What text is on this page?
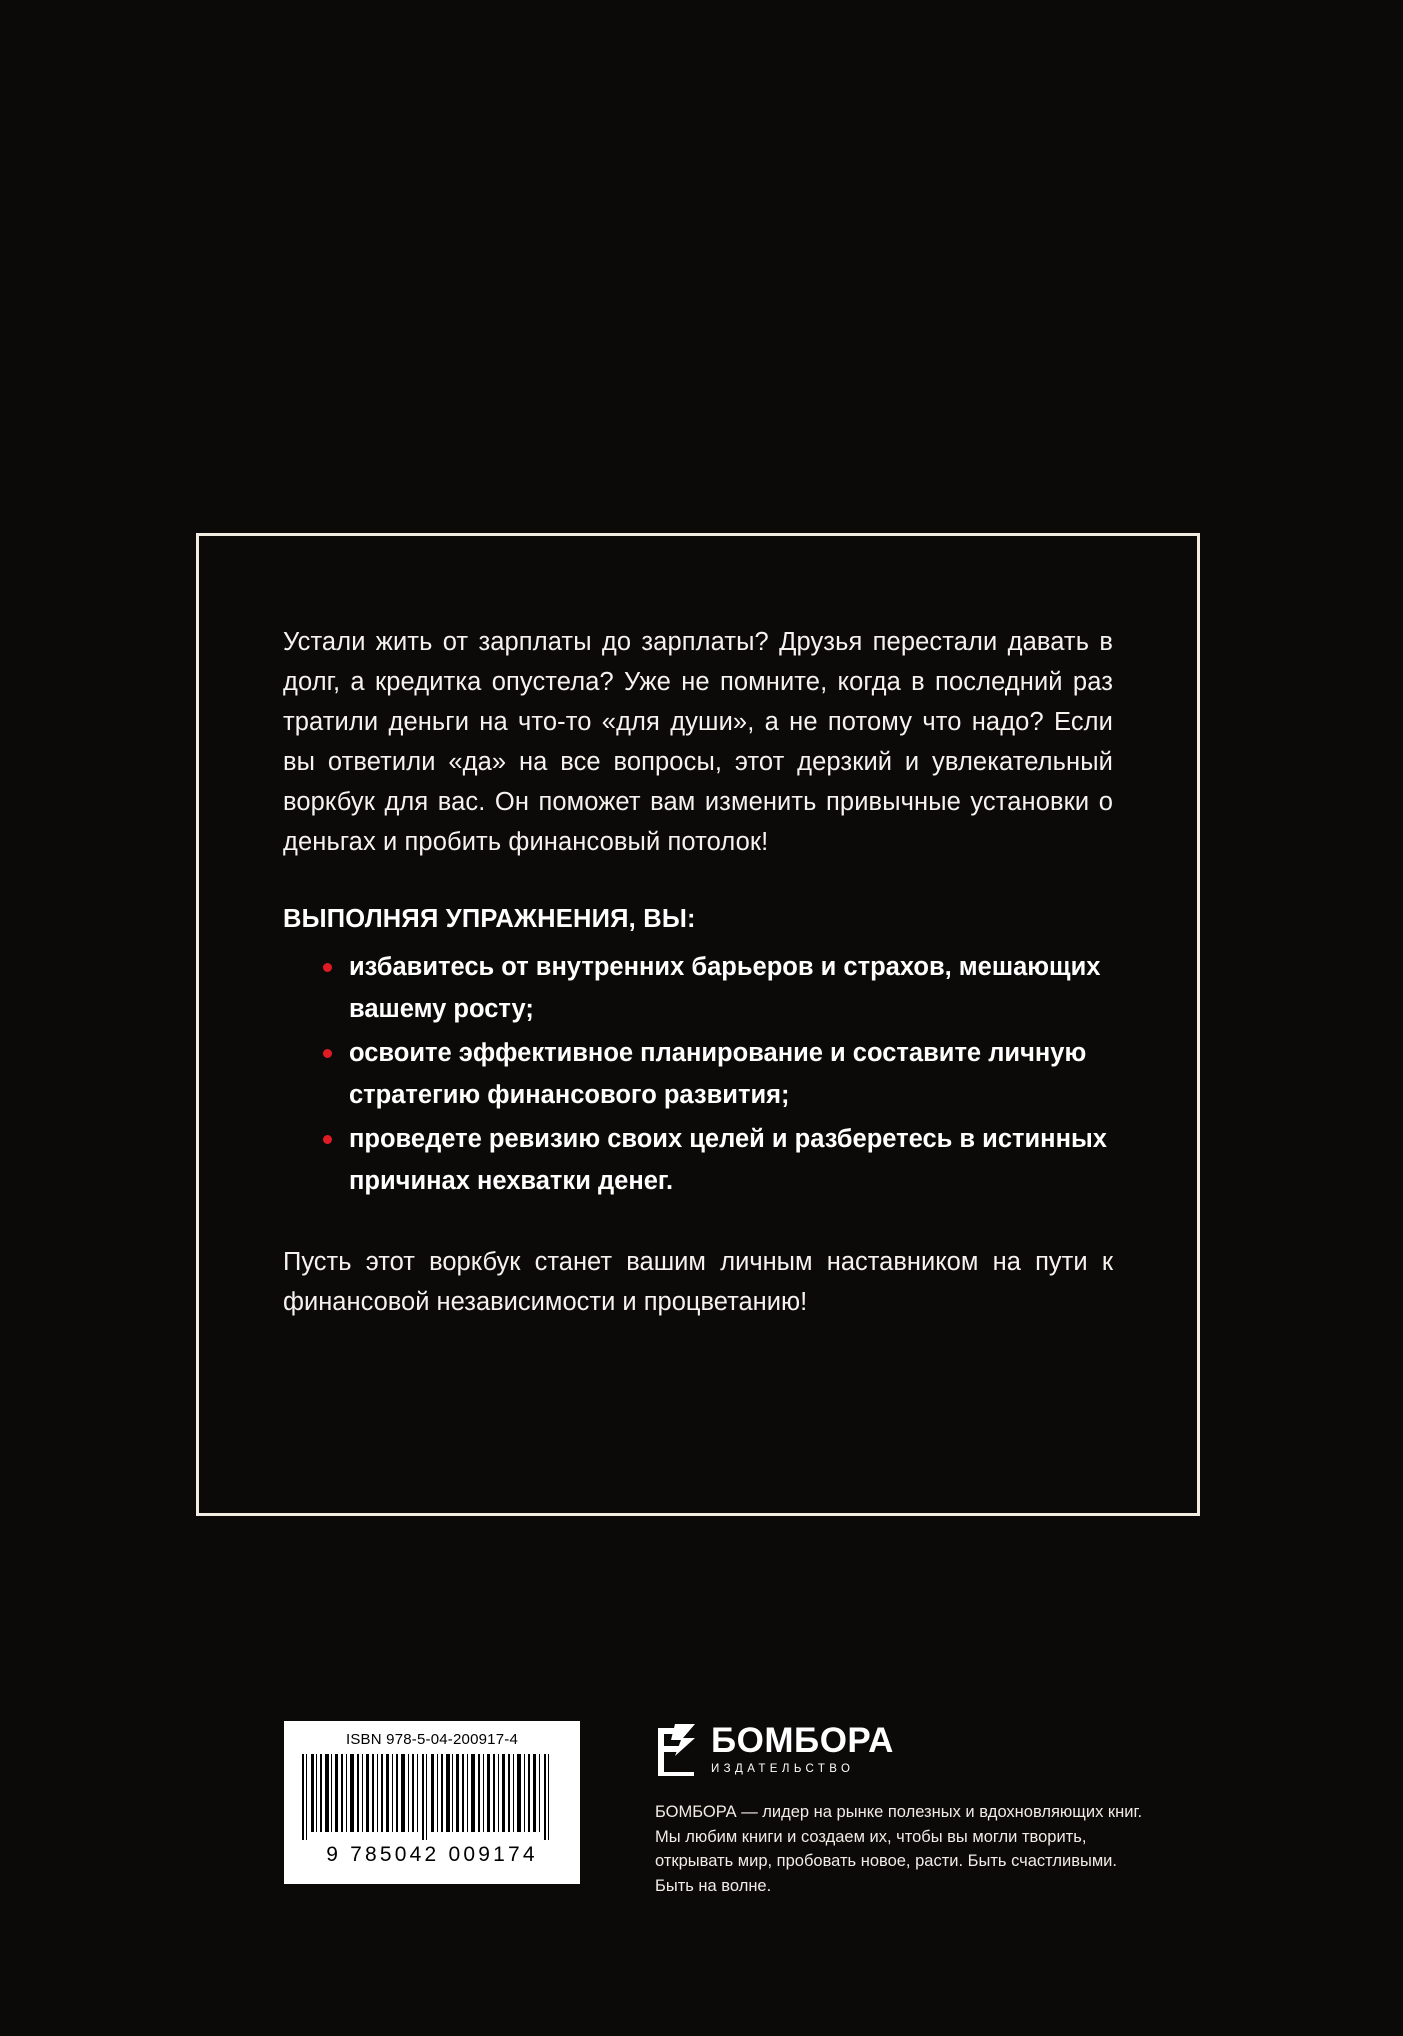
Устали жить от зарплаты до зарплаты? Друзья перестали давать в долг, а кредитка опустела? Уже не помните, когда в последний раз тратили деньги на что-то «для души», а не потому что надо? Если вы ответили «да» на все вопросы, этот дерзкий и увлекательный воркбук для вас. Он поможет вам изменить привычные установки о деньгах и пробить финансовый потолок!

ВЫПОЛНЯЯ УПРАЖНЕНИЯ, ВЫ:
избавитесь от внутренних барьеров и страхов, мешающих вашему росту;
освоите эффективное планирование и составите личную стратегию финансового развития;
проведете ревизию своих целей и разберетесь в истинных причинах нехватки денег.

Пусть этот воркбук станет вашим личным наставником на пути к финансовой независимости и процветанию!

ISBN 978-5-04-200917-4
9 785042 009174
БОМБОРА
ИЗДАТЕЛЬСТВО
БОМБОРА — лидер на рынке полезных и вдохновляющих книг. Мы любим книги и создаем их, чтобы вы могли творить, открывать мир, пробовать новое, расти. Быть счастливыми. Быть на волне.
